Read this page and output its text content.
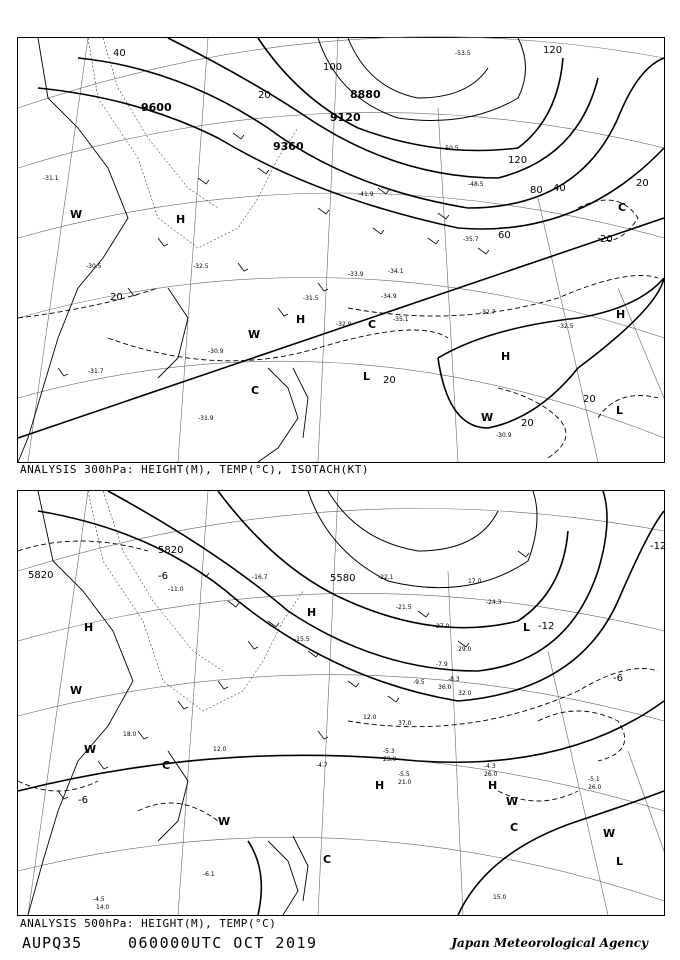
9600
9360
9120
8880
40
20
20
20
40
60
80
120
20
100
20
20
20
120
H
H
H
H
L
L
C
C
C
W
W
W
-31.7
-32.5
-31.5
-32.9
-35.1
-34.9
-32.7
-32.5
-31.9
-30.9
-48.5
-50.5
-53.5
-35.7
-34.1
-33.9
-30.9
-31.1
-30.5
-41.9
ANALYSIS 300hPa: HEIGHT(M), TEMP(°C), ISOTACH(KT)
5820
5580
5820	-6
-12
-6
-12
-6
H
H	H
H
L
L
C
C
C
W
W
W
W
W
-5.3
-5.5
-4.3
-5.1
-4.7
-6.1
-4.5
-22.1
-21.5
-24.3
-7.9
-9.5	-8.3
-15.5
-16.7
-11.0
23.0
21.0
26.0
26.0
15.0
14.0
12.0
37.0
32.0
36.0
27.0
29.0
17.0
18.0
12.0
ANALYSIS 500hPa: HEIGHT(M), TEMP(°C)
AUPQ35	060000UTC OCT 2019	Japan Meteorological Agency
